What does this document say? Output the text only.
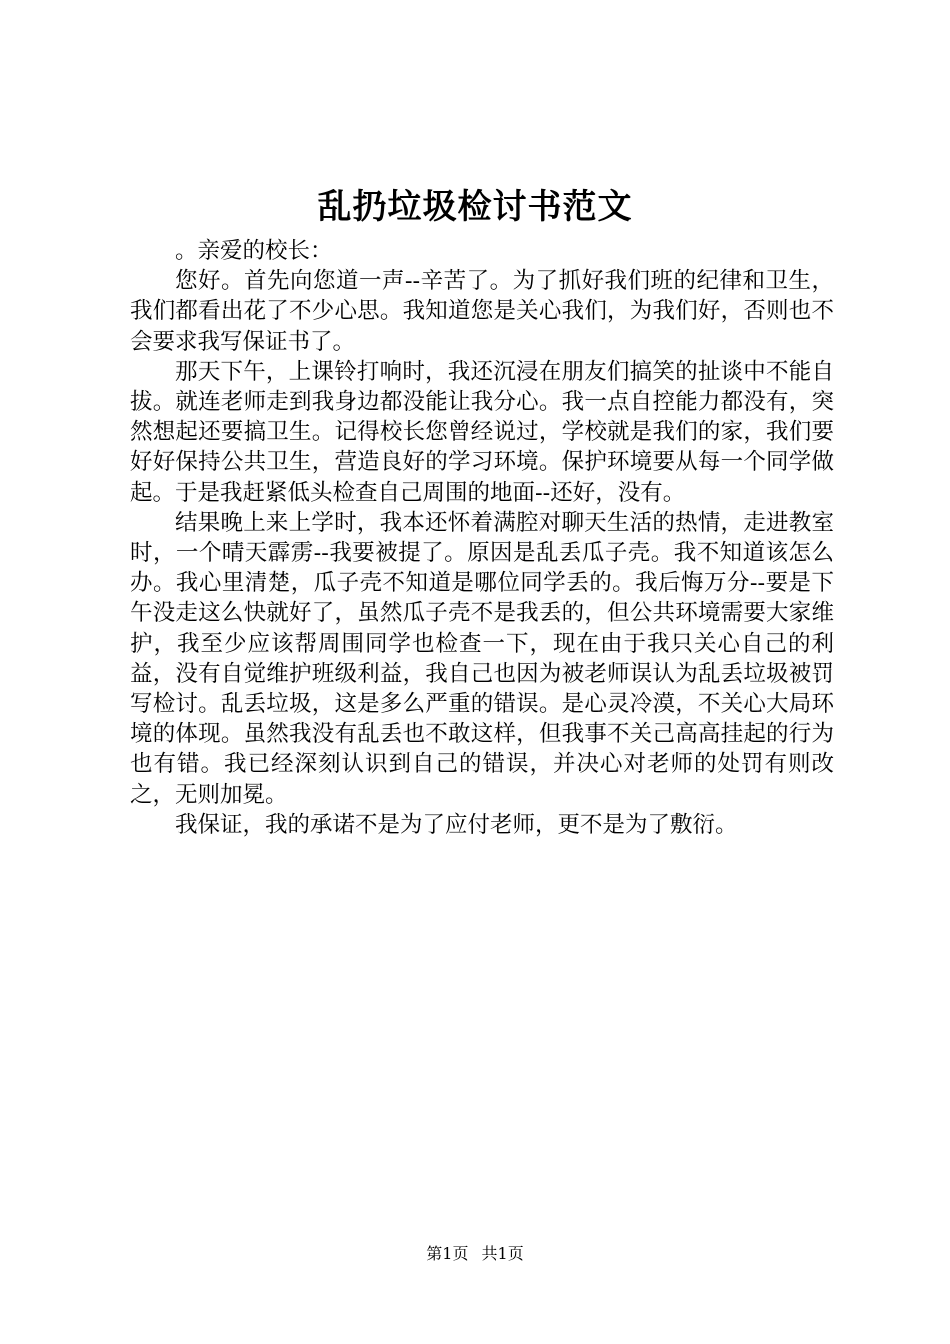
乱扔垃圾检讨书范文

。亲爱的校长：

您好。首先向您道一声--辛苦了。为了抓好我们班的纪律和卫生，我们都看出花了不少心思。我知道您是关心我们，为我们好，否则也不会要求我写保证书了。

那天下午，上课铃打响时，我还沉浸在朋友们搞笑的扯谈中不能自拔。就连老师走到我身边都没能让我分心。我一点自控能力都没有，突然想起还要搞卫生。记得校长您曾经说过，学校就是我们的家，我们要好好保持公共卫生，营造良好的学习环境。保护环境要从每一个同学做起。于是我赶紧低头检查自己周围的地面--还好，没有。

结果晚上来上学时，我本还怀着满腔对聊天生活的热情，走进教室时，一个晴天霹雳--我要被提了。原因是乱丢瓜子壳。我不知道该怎么办。我心里清楚，瓜子壳不知道是哪位同学丢的。我后悔万分--要是下午没走这么快就好了，虽然瓜子壳不是我丢的，但公共环境需要大家维护，我至少应该帮周围同学也检查一下，现在由于我只关心自己的利益，没有自觉维护班级利益，我自己也因为被老师误认为乱丢垃圾被罚写检讨。乱丢垃圾，这是多么严重的错误。是心灵冷漠，不关心大局环境的体现。虽然我没有乱丢也不敢这样，但我事不关己高高挂起的行为也有错。我已经深刻认识到自己的错误，并决心对老师的处罚有则改之，无则加冕。

我保证，我的承诺不是为了应付老师，更不是为了敷衍。

第1页 共1页
